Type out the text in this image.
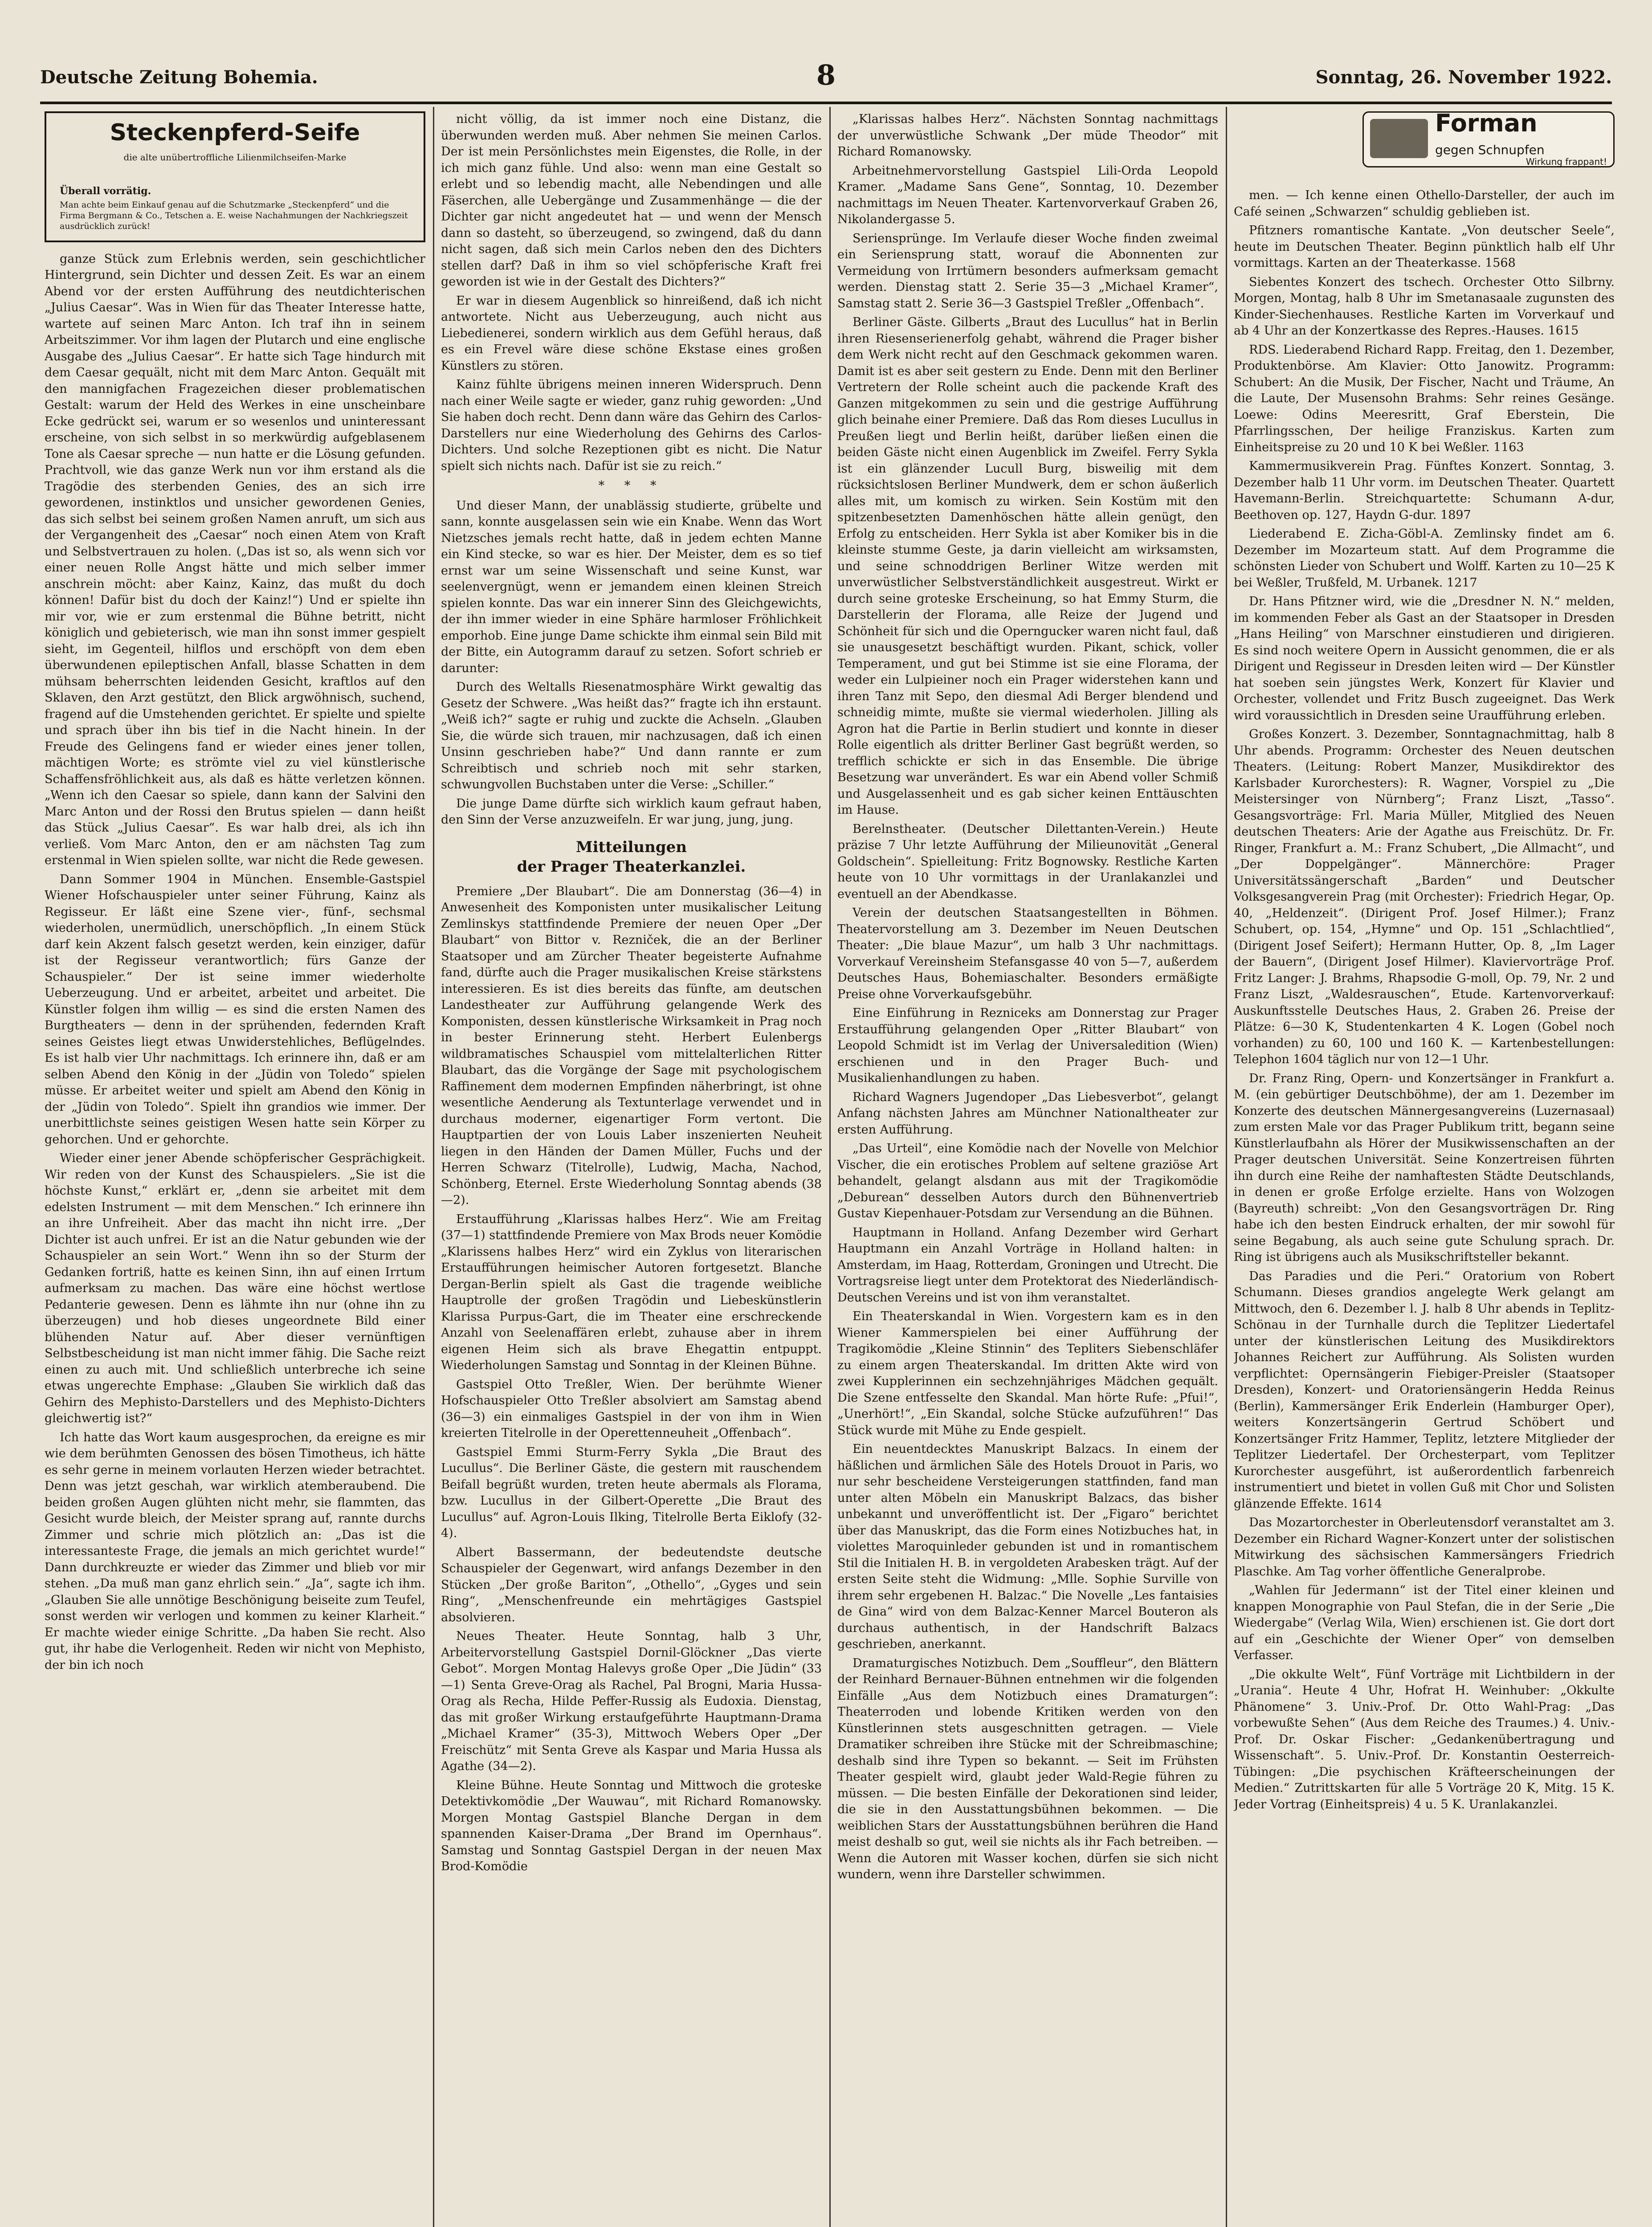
Deutsche Zeitung Bohemia.	8	Sonntag, 26. November 1922.
Steckenpferd-Seife
die alte unübertroffliche Lilienmilchseifen-Marke
Überall vorrätig.
Man achte beim Einkauf genau auf die Schutzmarke „Steckenpferd“ und die Firma Bergmann & Co., Tetschen a. E. weise Nachahmungen der Nachkriegszeit ausdrücklich zurück!

ganze Stück zum Erlebnis werden, sein geschichtlicher Hintergrund, sein Dichter und dessen Zeit. Es war an einem Abend vor der ersten Aufführung des neutdichterischen „Julius Caesar“. Was in Wien für das Theater Interesse hatte, wartete auf seinen Marc Anton. Ich traf ihn in seinem Arbeitszimmer. Vor ihm lagen der Plutarch und eine englische Ausgabe des „Julius Caesar“. Er hatte sich Tage hindurch mit dem Caesar gequält, nicht mit dem Marc Anton. Gequält mit den mannigfachen Fragezeichen dieser problematischen Gestalt: warum der Held des Werkes in eine unscheinbare Ecke gedrückt sei, warum er so wesenlos und uninteressant erscheine, von sich selbst in so merkwürdig aufgeblasenem Tone als Caesar spreche — nun hatte er die Lösung gefunden. Prachtvoll, wie das ganze Werk nun vor ihm erstand als die Tragödie des sterbenden Genies, des an sich irre gewordenen, instinktlos und unsicher gewordenen Genies, das sich selbst bei seinem großen Namen anruft, um sich aus der Vergangenheit des „Caesar“ noch einen Atem von Kraft und Selbstvertrauen zu holen. („Das ist so, als wenn sich vor einer neuen Rolle Angst hätte und mich selber immer anschrein möcht: aber Kainz, Kainz, das mußt du doch können! Dafür bist du doch der Kainz!“) Und er spielte ihn mir vor, wie er zum erstenmal die Bühne betritt, nicht königlich und gebieterisch, wie man ihn sonst immer gespielt sieht, im Gegenteil, hilflos und erschöpft von dem eben überwundenen epileptischen Anfall, blasse Schatten in dem mühsam beherrschten leidenden Gesicht, kraftlos auf den Sklaven, den Arzt gestützt, den Blick argwöhnisch, suchend, fragend auf die Umstehenden gerichtet. Er spielte und spielte und sprach über ihn bis tief in die Nacht hinein. In der Freude des Gelingens fand er wieder eines jener tollen, mächtigen Worte; es strömte viel zu viel künstlerische Schaffensfröhlichkeit aus, als daß es hätte verletzen können. „Wenn ich den Caesar so spiele, dann kann der Salvini den Marc Anton und der Rossi den Brutus spielen — dann heißt das Stück „Julius Caesar“. Es war halb drei, als ich ihn verließ. Vom Marc Anton, den er am nächsten Tag zum erstenmal in Wien spielen sollte, war nicht die Rede gewesen.

Dann Sommer 1904 in München. Ensemble-Gastspiel Wiener Hofschauspieler unter seiner Führung, Kainz als Regisseur. Er läßt eine Szene vier-, fünf-, sechsmal wiederholen, unermüdlich, unerschöpflich. „In einem Stück darf kein Akzent falsch gesetzt werden, kein einziger, dafür ist der Regisseur verantwortlich; fürs Ganze der Schauspieler.“ Der ist seine immer wiederholte Ueberzeugung. Und er arbeitet, arbeitet und arbeitet. Die Künstler folgen ihm willig — es sind die ersten Namen des Burgtheaters — denn in der sprühenden, federnden Kraft seines Geistes liegt etwas Unwiderstehliches, Beflügelndes. Es ist halb vier Uhr nachmittags. Ich erinnere ihn, daß er am selben Abend den König in der „Jüdin von Toledo“ spielen müsse. Er arbeitet weiter und spielt am Abend den König in der „Jüdin von Toledo“. Spielt ihn grandios wie immer. Der unerbittlichste seines geistigen Wesen hatte sein Körper zu gehorchen. Und er gehorchte.

Wieder einer jener Abende schöpferischer Gesprächigkeit. Wir reden von der Kunst des Schauspielers. „Sie ist die höchste Kunst,“ erklärt er, „denn sie arbeitet mit dem edelsten Instrument — mit dem Menschen.“ Ich erinnere ihn an ihre Unfreiheit. Aber das macht ihn nicht irre. „Der Dichter ist auch unfrei. Er ist an die Natur gebunden wie der Schauspieler an sein Wort.“ Wenn ihn so der Sturm der Gedanken fortriß, hatte es keinen Sinn, ihn auf einen Irrtum aufmerksam zu machen. Das wäre eine höchst wertlose Pedanterie gewesen. Denn es lähmte ihn nur (ohne ihn zu überzeugen) und hob dieses ungeordnete Bild einer blühenden Natur auf. Aber dieser vernünftigen Selbstbescheidung ist man nicht immer fähig. Die Sache reizt einen zu auch mit. Und schließlich unterbreche ich seine etwas ungerechte Emphase: „Glauben Sie wirklich daß das Gehirn des Mephisto-Darstellers und des Mephisto-Dichters gleichwertig ist?“

Ich hatte das Wort kaum ausgesprochen, da ereigne es mir wie dem berühmten Genossen des bösen Timotheus, ich hätte es sehr gerne in meinem vorlauten Herzen wieder betrachtet. Denn was jetzt geschah, war wirklich atemberaubend. Die beiden großen Augen glühten nicht mehr, sie flammten, das Gesicht wurde bleich, der Meister sprang auf, rannte durchs Zimmer und schrie mich plötzlich an: „Das ist die interessanteste Frage, die jemals an mich gerichtet wurde!“ Dann durchkreuzte er wieder das Zimmer und blieb vor mir stehen. „Da muß man ganz ehrlich sein.“ „Ja“, sagte ich ihm. „Glauben Sie alle unnötige Beschönigung beiseite zum Teufel, sonst werden wir verlogen und kommen zu keiner Klarheit.“ Er machte wieder einige Schritte. „Da haben Sie recht. Also gut, ihr habe die Verlogenheit. Reden wir nicht von Mephisto, der bin ich noch

nicht völlig, da ist immer noch eine Distanz, die überwunden werden muß. Aber nehmen Sie meinen Carlos. Der ist mein Persönlichstes mein Eigenstes, die Rolle, in der ich mich ganz fühle. Und also: wenn man eine Gestalt so erlebt und so lebendig macht, alle Nebendingen und alle Fäserchen, alle Uebergänge und Zusammenhänge — die der Dichter gar nicht angedeutet hat — und wenn der Mensch dann so dasteht, so überzeugend, so zwingend, daß du dann nicht sagen, daß sich mein Carlos neben den des Dichters stellen darf? Daß in ihm so viel schöpferische Kraft frei geworden ist wie in der Gestalt des Dichters?“

Er war in diesem Augenblick so hinreißend, daß ich nicht antwortete. Nicht aus Ueberzeugung, auch nicht aus Liebedienerei, sondern wirklich aus dem Gefühl heraus, daß es ein Frevel wäre diese schöne Ekstase eines großen Künstlers zu stören.

Kainz fühlte übrigens meinen inneren Widerspruch. Denn nach einer Weile sagte er wieder, ganz ruhig geworden: „Und Sie haben doch recht. Denn dann wäre das Gehirn des Carlos-Darstellers nur eine Wiederholung des Gehirns des Carlos-Dichters. Und solche Rezeptionen gibt es nicht. Die Natur spielt sich nichts nach. Dafür ist sie zu reich.“

* * *

Und dieser Mann, der unablässig studierte, grübelte und sann, konnte ausgelassen sein wie ein Knabe. Wenn das Wort Nietzsches jemals recht hatte, daß in jedem echten Manne ein Kind stecke, so war es hier. Der Meister, dem es so tief ernst war um seine Wissenschaft und seine Kunst, war seelenvergnügt, wenn er jemandem einen kleinen Streich spielen konnte. Das war ein innerer Sinn des Gleichgewichts, der ihn immer wieder in eine Sphäre harmloser Fröhlichkeit emporhob. Eine junge Dame schickte ihm einmal sein Bild mit der Bitte, ein Autogramm darauf zu setzen. Sofort schrieb er darunter:

Durch des Weltalls Riesenatmosphäre Wirkt gewaltig das Gesetz der Schwere. „Was heißt das?“ fragte ich ihn erstaunt. „Weiß ich?“ sagte er ruhig und zuckte die Achseln. „Glauben Sie, die würde sich trauen, mir nachzusagen, daß ich einen Unsinn geschrieben habe?“ Und dann rannte er zum Schreibtisch und schrieb noch mit sehr starken, schwungvollen Buchstaben unter die Verse: „Schiller.“

Die junge Dame dürfte sich wirklich kaum gefraut haben, den Sinn der Verse anzuzweifeln. Er war jung, jung, jung.

Mitteilungen
der Prager Theaterkanzlei.

Premiere „Der Blaubart“. Die am Donnerstag (36—4) in Anwesenheit des Komponisten unter musikalischer Leitung Zemlinskys stattfindende Premiere der neuen Oper „Der Blaubart“ von Bittor v. Rezniček, die an der Berliner Staatsoper und am Zürcher Theater begeisterte Aufnahme fand, dürfte auch die Prager musikalischen Kreise stärkstens interessieren. Es ist dies bereits das fünfte, am deutschen Landestheater zur Aufführung gelangende Werk des Komponisten, dessen künstlerische Wirksamkeit in Prag noch in bester Erinnerung steht. Herbert Eulenbergs wildbramatisches Schauspiel vom mittelalterlichen Ritter Blaubart, das die Vorgänge der Sage mit psychologischem Raffinement dem modernen Empfinden näherbringt, ist ohne wesentliche Aenderung als Textunterlage verwendet und in durchaus moderner, eigenartiger Form vertont. Die Hauptpartien der von Louis Laber inszenierten Neuheit liegen in den Händen der Damen Müller, Fuchs und der Herren Schwarz (Titelrolle), Ludwig, Macha, Nachod, Schönberg, Eternel. Erste Wiederholung Sonntag abends (38—2).

Erstaufführung „Klarissas halbes Herz“. Wie am Freitag (37—1) stattfindende Premiere von Max Brods neuer Komödie „Klarissens halbes Herz“ wird ein Zyklus von literarischen Erstaufführungen heimischer Autoren fortgesetzt. Blanche Dergan-Berlin spielt als Gast die tragende weibliche Hauptrolle der großen Tragödin und Liebeskünstlerin Klarissa Purpus-Gart, die im Theater eine erschreckende Anzahl von Seelenaffären erlebt, zuhause aber in ihrem eigenen Heim sich als brave Ehegattin entpuppt. Wiederholungen Samstag und Sonntag in der Kleinen Bühne.

Gastspiel Otto Treßler, Wien. Der berühmte Wiener Hofschauspieler Otto Treßler absolviert am Samstag abend (36—3) ein einmaliges Gastspiel in der von ihm in Wien kreierten Titelrolle in der Operettenneuheit „Offenbach“.

Gastspiel Emmi Sturm-Ferry Sykla „Die Braut des Lucullus“. Die Berliner Gäste, die gestern mit rauschendem Beifall begrüßt wurden, treten heute abermals als Florama, bzw. Lucullus in der Gilbert-Operette „Die Braut des Lucullus“ auf. Agron-Louis Ilking, Titelrolle Berta Eiklofy (32-4).

Albert Bassermann, der bedeutendste deutsche Schauspieler der Gegenwart, wird anfangs Dezember in den Stücken „Der große Bariton“, „Othello“, „Gyges und sein Ring“, „Menschenfreunde ein mehrtägiges Gastspiel absolvieren.

Neues Theater. Heute Sonntag, halb 3 Uhr, Arbeitervorstellung Gastspiel Dornil-Glöckner „Das vierte Gebot“. Morgen Montag Halevys große Oper „Die Jüdin“ (33—1) Senta Greve-Orag als Rachel, Pal Brogni, Maria Hussa-Orag als Recha, Hilde Peffer-Russig als Eudoxia. Dienstag, das mit großer Wirkung erstaufgeführte Hauptmann-Drama „Michael Kramer“ (35-3), Mittwoch Webers Oper „Der Freischütz“ mit Senta Greve als Kaspar und Maria Hussa als Agathe (34—2).

Kleine Bühne. Heute Sonntag und Mittwoch die groteske Detektivkomödie „Der Wauwau“, mit Richard Romanowsky. Morgen Montag Gastspiel Blanche Dergan in dem spannenden Kaiser-Drama „Der Brand im Opernhaus“. Samstag und Sonntag Gastspiel Dergan in der neuen Max Brod-Komödie

„Klarissas halbes Herz“. Nächsten Sonntag nachmittags der unverwüstliche Schwank „Der müde Theodor“ mit Richard Romanowsky.

Arbeitnehmervorstellung Gastspiel Lili-Orda Leopold Kramer. „Madame Sans Gene“, Sonntag, 10. Dezember nachmittags im Neuen Theater. Kartenvorverkauf Graben 26, Nikolandergasse 5.

Seriensprünge. Im Verlaufe dieser Woche finden zweimal ein Seriensprung statt, worauf die Abonnenten zur Vermeidung von Irrtümern besonders aufmerksam gemacht werden. Dienstag statt 2. Serie 35—3 „Michael Kramer“, Samstag statt 2. Serie 36—3 Gastspiel Treßler „Offenbach“.

Berliner Gäste. Gilberts „Braut des Lucullus“ hat in Berlin ihren Riesenserienerfolg gehabt, während die Prager bisher dem Werk nicht recht auf den Geschmack gekommen waren. Damit ist es aber seit gestern zu Ende. Denn mit den Berliner Vertretern der Rolle scheint auch die packende Kraft des Ganzen mitgekommen zu sein und die gestrige Aufführung glich beinahe einer Premiere. Daß das Rom dieses Lucullus in Preußen liegt und Berlin heißt, darüber ließen einen die beiden Gäste nicht einen Augenblick im Zweifel. Ferry Sykla ist ein glänzender Lucull Burg, bisweilig mit dem rücksichtslosen Berliner Mundwerk, dem er schon äußerlich alles mit, um komisch zu wirken. Sein Kostüm mit den spitzenbesetzten Damenhöschen hätte allein genügt, den Erfolg zu entscheiden. Herr Sykla ist aber Komiker bis in die kleinste stumme Geste, ja darin vielleicht am wirksamsten, und seine schnoddrigen Berliner Witze werden mit unverwüstlicher Selbstverständlichkeit ausgestreut. Wirkt er durch seine groteske Erscheinung, so hat Emmy Sturm, die Darstellerin der Florama, alle Reize der Jugend und Schönheit für sich und die Operngucker waren nicht faul, daß sie unausgesetzt beschäftigt wurden. Pikant, schick, voller Temperament, und gut bei Stimme ist sie eine Florama, der weder ein Lulpieiner noch ein Prager widerstehen kann und ihren Tanz mit Sepo, den diesmal Adi Berger blendend und schneidig mimte, mußte sie viermal wiederholen. Jilling als Agron hat die Partie in Berlin studiert und konnte in dieser Rolle eigentlich als dritter Berliner Gast begrüßt werden, so trefflich schickte er sich in das Ensemble. Die übrige Besetzung war unverändert. Es war ein Abend voller Schmiß und Ausgelassenheit und es gab sicher keinen Enttäuschten im Hause.

Berelnstheater. (Deutscher Dilettanten-Verein.) Heute präzise 7 Uhr letzte Aufführung der Milieunovität „General Goldschein“. Spielleitung: Fritz Bognowsky. Restliche Karten heute von 10 Uhr vormittags in der Uranlakanzlei und eventuell an der Abendkasse.

Verein der deutschen Staatsangestellten in Böhmen. Theatervorstellung am 3. Dezember im Neuen Deutschen Theater: „Die blaue Mazur“, um halb 3 Uhr nachmittags. Vorverkauf Vereinsheim Stefansgasse 40 von 5—7, außerdem Deutsches Haus, Bohemiaschalter. Besonders ermäßigte Preise ohne Vorverkaufsgebühr.

Eine Einführung in Rezniceks am Donnerstag zur Prager Erstaufführung gelangenden Oper „Ritter Blaubart“ von Leopold Schmidt ist im Verlag der Universaledition (Wien) erschienen und in den Prager Buch- und Musikalienhandlungen zu haben.

Richard Wagners Jugendoper „Das Liebesverbot“, gelangt Anfang nächsten Jahres am Münchner Nationaltheater zur ersten Aufführung.

„Das Urteil“, eine Komödie nach der Novelle von Melchior Vischer, die ein erotisches Problem auf seltene graziöse Art behandelt, gelangt alsdann aus mit der Tragikomödie „Deburean“ desselben Autors durch den Bühnenvertrieb Gustav Kiepenhauer-Potsdam zur Versendung an die Bühnen.

Hauptmann in Holland. Anfang Dezember wird Gerhart Hauptmann ein Anzahl Vorträge in Holland halten: in Amsterdam, im Haag, Rotterdam, Groningen und Utrecht. Die Vortragsreise liegt unter dem Protektorat des Niederländisch-Deutschen Vereins und ist von ihm veranstaltet.

Ein Theaterskandal in Wien. Vorgestern kam es in den Wiener Kammerspielen bei einer Aufführung der Tragikomödie „Kleine Stinnin“ des Tepliters Siebenschläfer zu einem argen Theaterskandal. Im dritten Akte wird von zwei Kupplerinnen ein sechzehnjähriges Mädchen gequält. Die Szene entfesselte den Skandal. Man hörte Rufe: „Pfui!“, „Unerhört!“, „Ein Skandal, solche Stücke aufzuführen!“ Das Stück wurde mit Mühe zu Ende gespielt.

Ein neuentdecktes Manuskript Balzacs. In einem der häßlichen und ärmlichen Säle des Hotels Drouot in Paris, wo nur sehr bescheidene Versteigerungen stattfinden, fand man unter alten Möbeln ein Manuskript Balzacs, das bisher unbekannt und unveröffentlicht ist. Der „Figaro“ berichtet über das Manuskript, das die Form eines Notizbuches hat, in violettes Maroquinleder gebunden ist und in romantischem Stil die Initialen H. B. in vergoldeten Arabesken trägt. Auf der ersten Seite steht die Widmung: „Mlle. Sophie Surville von ihrem sehr ergebenen H. Balzac.“ Die Novelle „Les fantaisies de Gina“ wird von dem Balzac-Kenner Marcel Bouteron als durchaus authentisch, in der Handschrift Balzacs geschrieben, anerkannt.

Dramaturgisches Notizbuch. Dem „Souffleur“, den Blättern der Reinhard Bernauer-Bühnen entnehmen wir die folgenden Einfälle „Aus dem Notizbuch eines Dramaturgen“: Theaterroden und lobende Kritiken werden von den Künstlerinnen stets ausgeschnitten getragen. — Viele Dramatiker schreiben ihre Stücke mit der Schreibmaschine; deshalb sind ihre Typen so bekannt. — Seit im Frühsten Theater gespielt wird, glaubt jeder Wald-Regie führen zu müssen. — Die besten Einfälle der Dekorationen sind leider, die sie in den Ausstattungsbühnen bekommen. — Die weiblichen Stars der Ausstattungsbühnen berühren die Hand meist deshalb so gut, weil sie nichts als ihr Fach betreiben. — Wenn die Autoren mit Wasser kochen, dürfen sie sich nicht wundern, wenn ihre Darsteller schwimmen.

Forman
gegen Schnupfen
Wirkung frappant!

men. — Ich kenne einen Othello-Darsteller, der auch im Café seinen „Schwarzen“ schuldig geblieben ist.

Pfitzners romantische Kantate. „Von deutscher Seele“, heute im Deutschen Theater. Beginn pünktlich halb elf Uhr vormittags. Karten an der Theaterkasse. 1568

Siebentes Konzert des tschech. Orchester Otto Silbrny. Morgen, Montag, halb 8 Uhr im Smetanasaale zugunsten des Kinder-Siechenhauses. Restliche Karten im Vorverkauf und ab 4 Uhr an der Konzertkasse des Repres.-Hauses. 1615

RDS. Liederabend Richard Rapp. Freitag, den 1. Dezember, Produktenbörse. Am Klavier: Otto Janowitz. Programm: Schubert: An die Musik, Der Fischer, Nacht und Träume, An die Laute, Der Musensohn Brahms: Sehr reines Gesänge. Loewe: Odins Meeresritt, Graf Eberstein, Die Pfarrlingsschen, Der heilige Franziskus. Karten zum Einheitspreise zu 20 und 10 K bei Weßler. 1163

Kammermusikverein Prag. Fünftes Konzert. Sonntag, 3. Dezember halb 11 Uhr vorm. im Deutschen Theater. Quartett Havemann-Berlin. Streichquartette: Schumann A-dur, Beethoven op. 127, Haydn G-dur. 1897

Liederabend E. Zicha-Göbl-A. Zemlinsky findet am 6. Dezember im Mozarteum statt. Auf dem Programme die schönsten Lieder von Schubert und Wolff. Karten zu 10—25 K bei Weßler, Trußfeld, M. Urbanek. 1217

Dr. Hans Pfitzner wird, wie die „Dresdner N. N.“ melden, im kommenden Feber als Gast an der Staatsoper in Dresden „Hans Heiling“ von Marschner einstudieren und dirigieren. Es sind noch weitere Opern in Aussicht genommen, die er als Dirigent und Regisseur in Dresden leiten wird — Der Künstler hat soeben sein jüngstes Werk, Konzert für Klavier und Orchester, vollendet und Fritz Busch zugeeignet. Das Werk wird voraussichtlich in Dresden seine Uraufführung erleben.

Großes Konzert. 3. Dezember, Sonntagnachmittag, halb 8 Uhr abends. Programm: Orchester des Neuen deutschen Theaters. (Leitung: Robert Manzer, Musikdirektor des Karlsbader Kurorchesters): R. Wagner, Vorspiel zu „Die Meistersinger von Nürnberg“; Franz Liszt, „Tasso“. Gesangsvorträge: Frl. Maria Müller, Mitglied des Neuen deutschen Theaters: Arie der Agathe aus Freischütz. Dr. Fr. Ringer, Frankfurt a. M.: Franz Schubert, „Die Allmacht“, und „Der Doppelgänger“. Männerchöre: Prager Universitätssängerschaft „Barden“ und Deutscher Volksgesangverein Prag (mit Orchester): Friedrich Hegar, Op. 40, „Heldenzeit“. (Dirigent Prof. Josef Hilmer.); Franz Schubert, op. 154, „Hymne“ und Op. 151 „Schlachtlied“, (Dirigent Josef Seifert); Hermann Hutter, Op. 8, „Im Lager der Bauern“, (Dirigent Josef Hilmer). Klaviervorträge Prof. Fritz Langer: J. Brahms, Rhapsodie G-moll, Op. 79, Nr. 2 und Franz Liszt, „Waldesrauschen“, Etude. Kartenvorverkauf: Auskunftsstelle Deutsches Haus, 2. Graben 26. Preise der Plätze: 6—30 K, Studentenkarten 4 K. Logen (Gobel noch vorhanden) zu 60, 100 und 160 K. — Kartenbestellungen: Telephon 1604 täglich nur von 12—1 Uhr.

Dr. Franz Ring, Opern- und Konzertsänger in Frankfurt a. M. (ein gebürtiger Deutschböhme), der am 1. Dezember im Konzerte des deutschen Männergesangvereins (Luzernasaal) zum ersten Male vor das Prager Publikum tritt, begann seine Künstlerlaufbahn als Hörer der Musikwissenschaften an der Prager deutschen Universität. Seine Konzertreisen führten ihn durch eine Reihe der namhaftesten Städte Deutschlands, in denen er große Erfolge erzielte. Hans von Wolzogen (Bayreuth) schreibt: „Von den Gesangsvorträgen Dr. Ring habe ich den besten Eindruck erhalten, der mir sowohl für seine Begabung, als auch seine gute Schulung sprach. Dr. Ring ist übrigens auch als Musikschriftsteller bekannt.

Das Paradies und die Peri.“ Oratorium von Robert Schumann. Dieses grandios angelegte Werk gelangt am Mittwoch, den 6. Dezember l. J. halb 8 Uhr abends in Teplitz-Schönau in der Turnhalle durch die Teplitzer Liedertafel unter der künstlerischen Leitung des Musikdirektors Johannes Reichert zur Aufführung. Als Solisten wurden verpflichtet: Opernsängerin Fiebiger-Preisler (Staatsoper Dresden), Konzert- und Oratoriensängerin Hedda Reinus (Berlin), Kammersänger Erik Enderlein (Hamburger Oper), weiters Konzertsängerin Gertrud Schöbert und Konzertsänger Fritz Hammer, Teplitz, letztere Mitglieder der Teplitzer Liedertafel. Der Orchesterpart, vom Teplitzer Kurorchester ausgeführt, ist außerordentlich farbenreich instrumentiert und bietet in vollen Guß mit Chor und Solisten glänzende Effekte. 1614

Das Mozartorchester in Oberleutensdorf veranstaltet am 3. Dezember ein Richard Wagner-Konzert unter der solistischen Mitwirkung des sächsischen Kammersängers Friedrich Plaschke. Am Tag vorher öffentliche Generalprobe.

„Wahlen für Jedermann“ ist der Titel einer kleinen und knappen Monographie von Paul Stefan, die in der Serie „Die Wiedergabe“ (Verlag Wila, Wien) erschienen ist. Gie dort dort auf ein „Geschichte der Wiener Oper“ von demselben Verfasser.

„Die okkulte Welt“, Fünf Vorträge mit Lichtbildern in der „Urania“. Heute 4 Uhr, Hofrat H. Weinhuber: „Okkulte Phänomene“ 3. Univ.-Prof. Dr. Otto Wahl-Prag: „Das vorbewußte Sehen“ (Aus dem Reiche des Traumes.) 4. Univ.-Prof. Dr. Oskar Fischer: „Gedankenübertragung und Wissenschaft“. 5. Univ.-Prof. Dr. Konstantin Oesterreich-Tübingen: „Die psychischen Kräfteerscheinungen der Medien.“ Zutrittskarten für alle 5 Vorträge 20 K, Mitg. 15 K. Jeder Vortrag (Einheitspreis) 4 u. 5 K. Uranlakanzlei.
